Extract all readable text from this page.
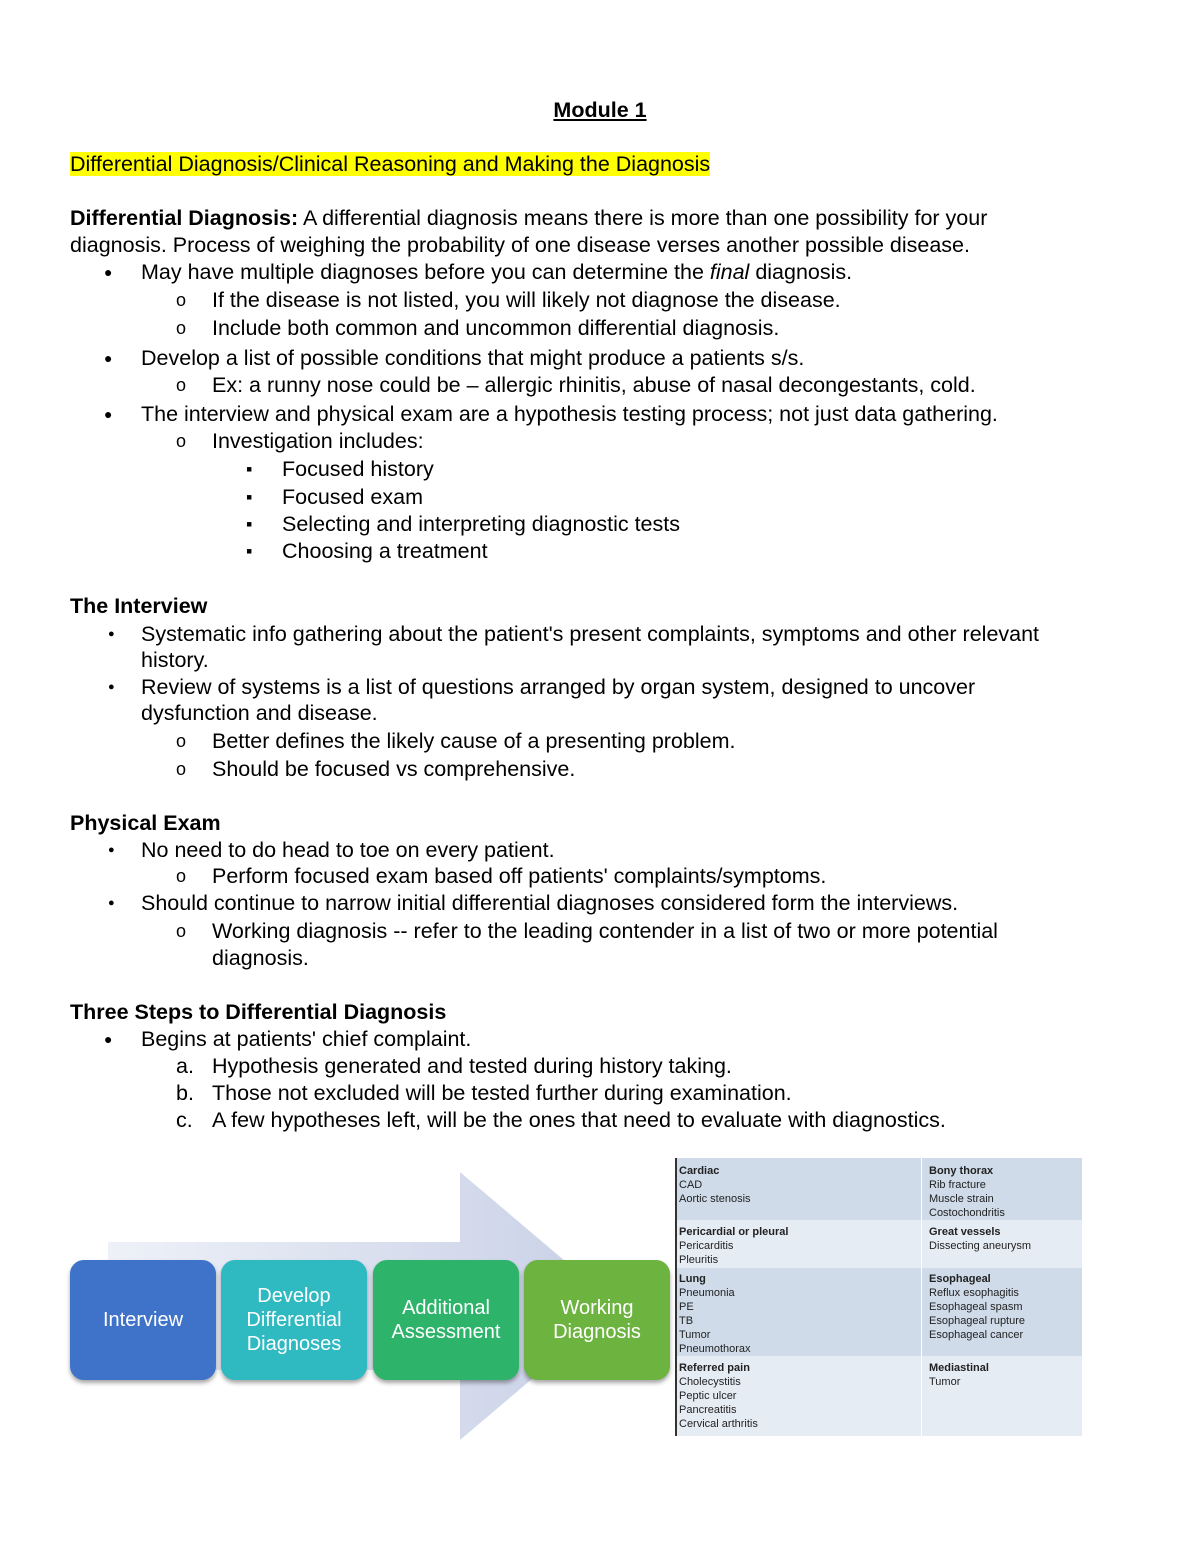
Module 1
Differential Diagnosis/Clinical Reasoning and Making the Diagnosis
Differential Diagnosis: A differential diagnosis means there is more than one possibility for your
diagnosis. Process of weighing the probability of one disease verses another possible disease.
●
May have multiple diagnoses before you can determine the final diagnosis.
o
If the disease is not listed, you will likely not diagnose the disease.
o
Include both common and uncommon differential diagnosis.
●
Develop a list of possible conditions that might produce a patients s/s.
o
Ex: a runny nose could be – allergic rhinitis, abuse of nasal decongestants, cold.
●
The interview and physical exam are a hypothesis testing process; not just data gathering.
o
Investigation includes:
▪
Focused history
▪
Focused exam
▪
Selecting and interpreting diagnostic tests
▪
Choosing a treatment
The Interview
●
Systematic info gathering about the patient's present complaints, symptoms and other relevant
history.
●
Review of systems is a list of questions arranged by organ system, designed to uncover
dysfunction and disease.
o
Better defines the likely cause of a presenting problem.
o
Should be focused vs comprehensive.
Physical Exam
●
No need to do head to toe on every patient.
o
Perform focused exam based off patients' complaints/symptoms.
●
Should continue to narrow initial differential diagnoses considered form the interviews.
o
Working diagnosis -- refer to the leading contender in a list of two or more potential
diagnosis.
Three Steps to Differential Diagnosis
●
Begins at patients' chief complaint.
a. Hypothesis generated and tested during history taking.
b. Those not excluded will be tested further during examination.
c. A few hypotheses left, will be the ones that need to evaluate with diagnostics.
Interview
Develop
Differential
Diagnoses
Additional
Assessment
Working
Diagnosis
Cardiac
CAD
Aortic stenosis
Bony thorax
Rib fracture
Muscle strain
Costochondritis
Pericardial or pleural
Pericarditis
Pleuritis
Great vessels
Dissecting aneurysm
Lung
Pneumonia
PE
TB
Tumor
Pneumothorax
Esophageal
Reflux esophagitis
Esophageal spasm
Esophageal rupture
Esophageal cancer
Referred pain
Cholecystitis
Peptic ulcer
Pancreatitis
Cervical arthritis
Mediastinal
Tumor
